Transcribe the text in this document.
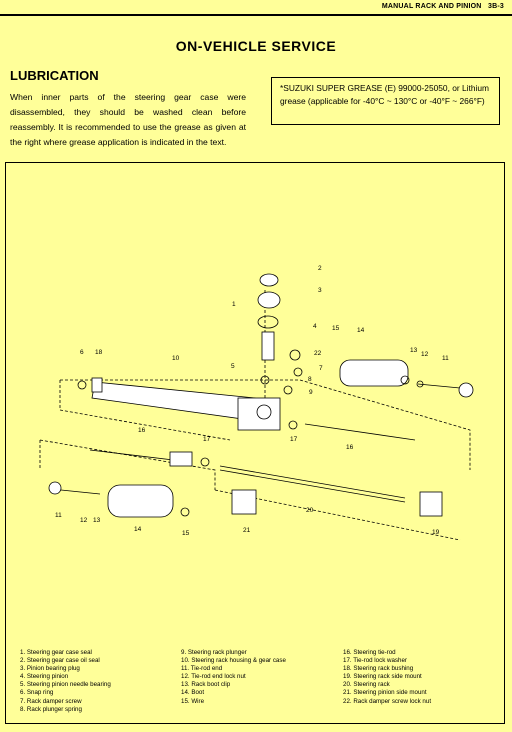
MANUAL RACK AND PINION 3B-3
ON-VEHICLE SERVICE
LUBRICATION
When inner parts of the steering gear case were disassembled, they should be washed clean before reassembly. It is recommended to use the grease as given at the right where grease application is indicated in the text.
*SUZUKI SUPER GREASE (E) 99000-25050, or Lithium grease (applicable for -40°C ~ 130°C or -40°F ~ 266°F)
2
3
1
4 15	14
6 18
10
5
22
7
8
9
13
12
11
16
17	17
16
11
14
13
12
15	21
20
19
1. Steering gear case seal
2. Steering gear case oil seal
3. Pinion bearing plug
4. Steering pinion
5. Steering pinion needle bearing
6. Snap ring
7. Rack damper screw
8. Rack plunger spring
9. Steering rack plunger
10. Steering rack housing & gear case
11. Tie-rod end
12. Tie-rod end lock nut
13. Rack boot clip
14. Boot
15. Wire
16. Steering tie-rod
17. Tie-rod lock washer
18. Steering rack bushing
19. Steering rack side mount
20. Steering rack
21. Steering pinion side mount
22. Rack damper screw lock nut
